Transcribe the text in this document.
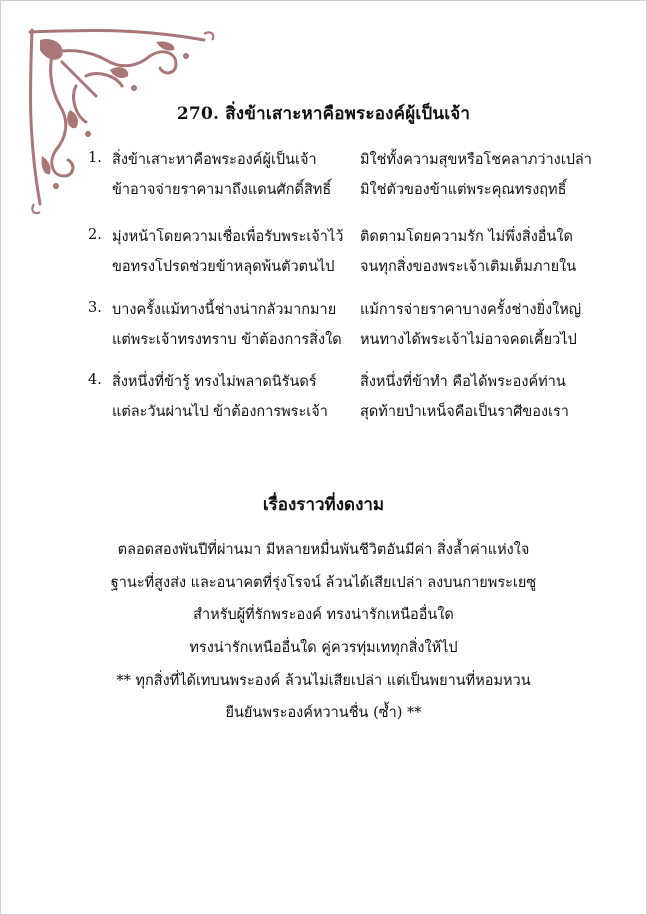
270. สิ่งข้าเสาะหาคือพระองค์ผู้เป็นเจ้า
1. สิ่งข้าเสาะหาคือพระองค์ผู้เป็นเจ้า	มิใช่ทั้งความสุขหรือโชคลาภว่างเปล่า
ข้าอาจจ่ายราคามาถึงแดนศักดิ์สิทธิ์ มิใช่ตัวของข้าแต่พระคุณทรงฤทธิ์
2. มุ่งหน้าโดยความเชื่อเพื่อรับพระเจ้าไว้ ติดตามโดยความรัก ไม่พึ่งสิ่งอื่นใด
ขอทรงโปรดช่วยข้าหลุดพ้นตัวตนไป จนทุกสิ่งของพระเจ้าเติมเต็มภายใน
3. บางครั้งแม้ทางนี้ช่างน่ากลัวมากมาย แม้การจ่ายราคาบางครั้งช่างยิ่งใหญ่
แต่พระเจ้าทรงทราบ ข้าต้องการสิ่งใด หนทางได้พระเจ้าไม่อาจคดเคี้ยวไป
4. สิ่งหนึ่งที่ข้ารู้ ทรงไม่พลาดนิรันดร์	สิ่งหนึ่งที่ข้าทำ คือได้พระองค์ท่าน
แต่ละวันผ่านไป ข้าต้องการพระเจ้า สุดท้ายบำเหน็จคือเป็นราศีของเรา
เรื่องราวที่งดงาม
ตลอดสองพันปีที่ผ่านมา มีหลายหมื่นพันชีวิตอันมีค่า สิ่งล้ำค่าแห่งใจ
ฐานะที่สูงส่ง และอนาคตที่รุ่งโรจน์ ล้วนได้เสียเปล่า ลงบนกายพระเยซู
สำหรับผู้ที่รักพระองค์ ทรงน่ารักเหนืออื่นใด
ทรงน่ารักเหนืออื่นใด คู่ควรทุ่มเททุกสิ่งให้ไป
** ทุกสิ่งที่ได้เทบนพระองค์ ล้วนไม่เสียเปล่า แต่เป็นพยานที่หอมหวน
ยืนยันพระองค์หวานชื่น (ซ้ำ) **
